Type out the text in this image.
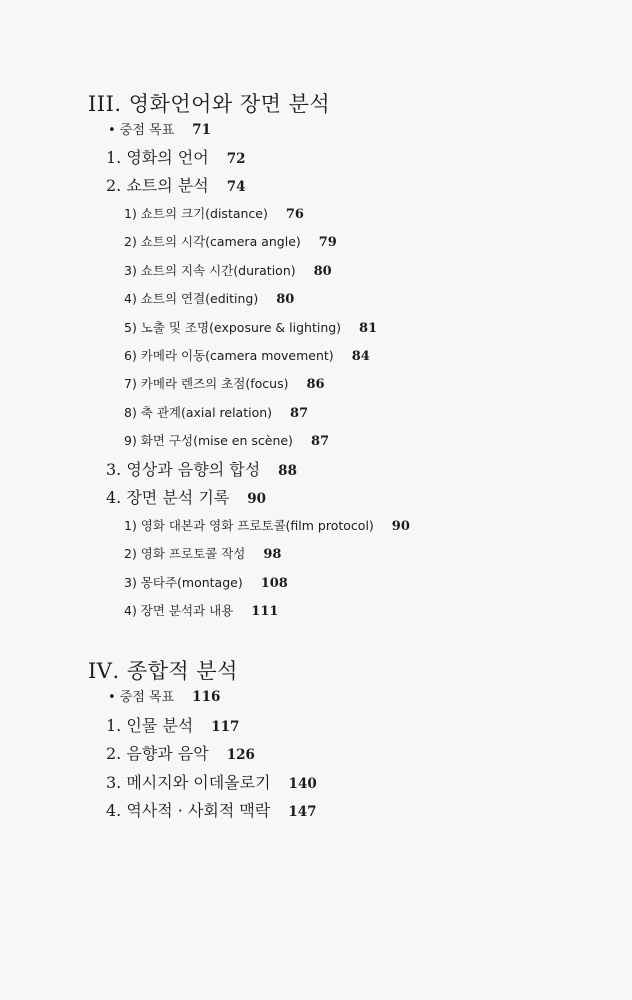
III. 영화언어와 장면 분석
• 중점 목표 71
1. 영화의 언어 72
2. 쇼트의 분석 74
1) 쇼트의 크기(distance) 76
2) 쇼트의 시각(camera angle) 79
3) 쇼트의 지속 시간(duration) 80
4) 쇼트의 연결(editing) 80
5) 노출 및 조명(exposure & lighting) 81
6) 카메라 이동(camera movement) 84
7) 카메라 렌즈의 초점(focus) 86
8) 축 관계(axial relation) 87
9) 화면 구성(mise en scène) 87
3. 영상과 음향의 합성 88
4. 장면 분석 기록 90
1) 영화 대본과 영화 프로토콜(film protocol) 90
2) 영화 프로토콜 작성 98
3) 몽타주(montage) 108
4) 장면 분석과 내용 111
IV. 종합적 분석
• 중점 목표 116
1. 인물 분석 117
2. 음향과 음악 126
3. 메시지와 이데올로기 140
4. 역사적 · 사회적 맥락 147
